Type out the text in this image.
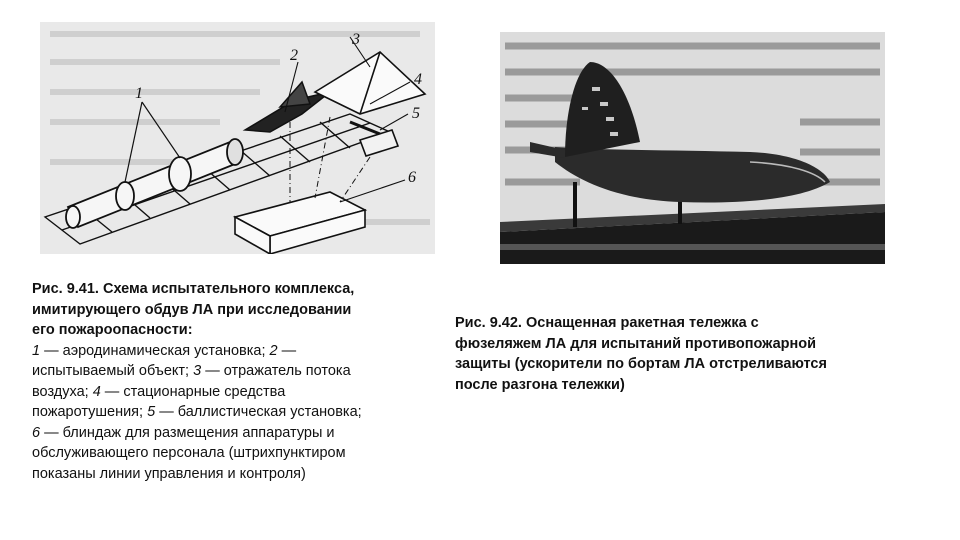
1
2
3
4
5
6
Рис. 9.41. Схема испытательного комплекса,
имитирующего обдув ЛА при исследовании
его пожароопасности:
1 — аэродинамическая установка; 2 —
испытываемый объект; 3 — отражатель потока
воздуха; 4 — стационарные средства
пожаротушения; 5 — баллистическая установка;
6 — блиндаж для размещения аппаратуры и
обслуживающего персонала (штрихпунктиром
показаны линии управления и контроля)
Рис. 9.42. Оснащенная ракетная тележка с
фюзеляжем ЛА для испытаний противопожарной
защиты (ускорители по бортам ЛА отстреливаются
после разгона тележки)
